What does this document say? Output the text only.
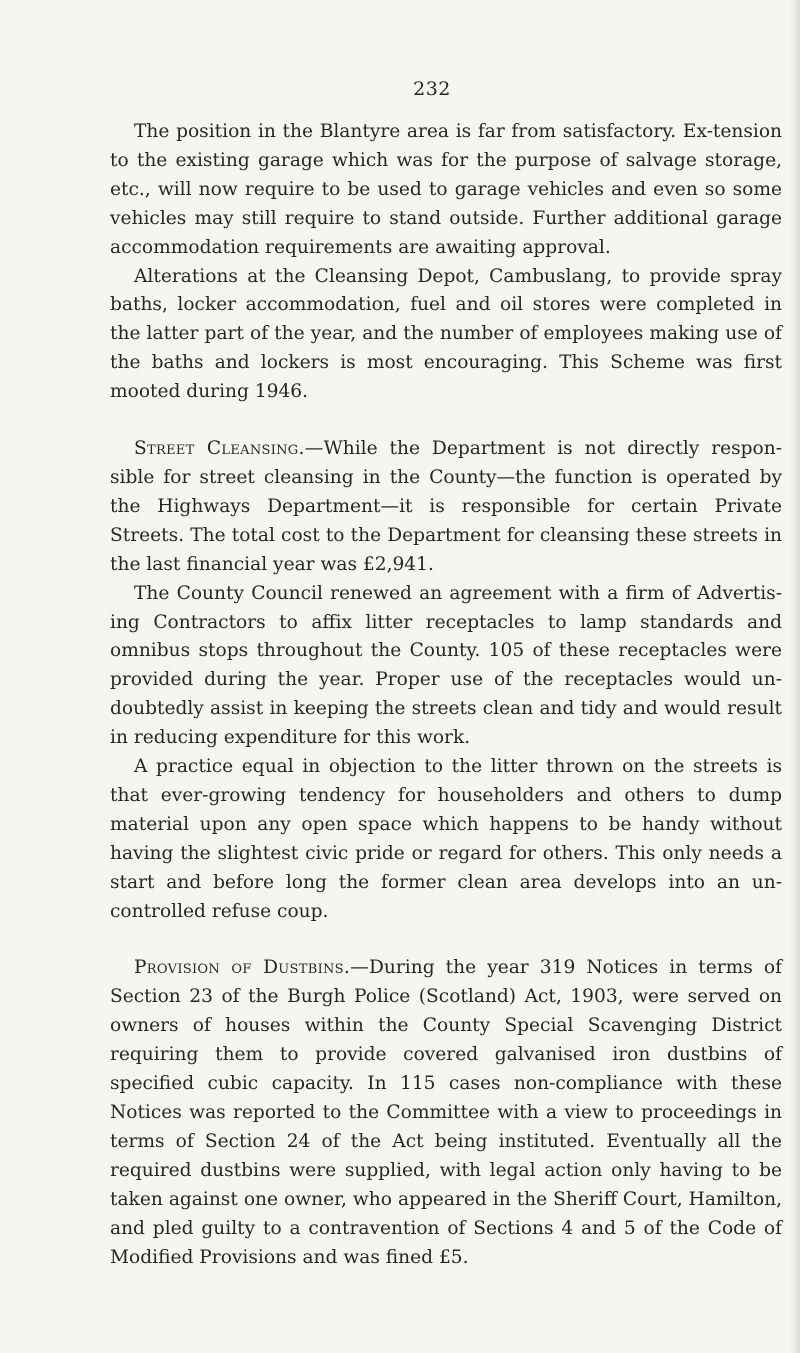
232

The position in the Blantyre area is far from satisfactory. Ex-tension to the existing garage which was for the purpose of salvage storage, etc., will now require to be used to garage vehicles and even so some vehicles may still require to stand outside. Further additional garage accommodation requirements are awaiting approval.

Alterations at the Cleansing Depot, Cambuslang, to provide spray baths, locker accommodation, fuel and oil stores were completed in the latter part of the year, and the number of employees making use of the baths and lockers is most encouraging. This Scheme was first mooted during 1946.

Street Cleansing.—While the Department is not directly respon-sible for street cleansing in the County—the function is operated by the Highways Department—it is responsible for certain Private Streets. The total cost to the Department for cleansing these streets in the last financial year was £2,941.

The County Council renewed an agreement with a firm of Advertis-ing Contractors to affix litter receptacles to lamp standards and omnibus stops throughout the County. 105 of these receptacles were provided during the year. Proper use of the receptacles would un-doubtedly assist in keeping the streets clean and tidy and would result in reducing expenditure for this work.

A practice equal in objection to the litter thrown on the streets is that ever-growing tendency for householders and others to dump material upon any open space which happens to be handy without having the slightest civic pride or regard for others. This only needs a start and before long the former clean area develops into an un-controlled refuse coup.

Provision of Dustbins.—During the year 319 Notices in terms of Section 23 of the Burgh Police (Scotland) Act, 1903, were served on owners of houses within the County Special Scavenging District requiring them to provide covered galvanised iron dustbins of specified cubic capacity. In 115 cases non-compliance with these Notices was reported to the Committee with a view to proceedings in terms of Section 24 of the Act being instituted. Eventually all the required dustbins were supplied, with legal action only having to be taken against one owner, who appeared in the Sheriff Court, Hamilton, and pled guilty to a contravention of Sections 4 and 5 of the Code of Modified Provisions and was fined £5.
